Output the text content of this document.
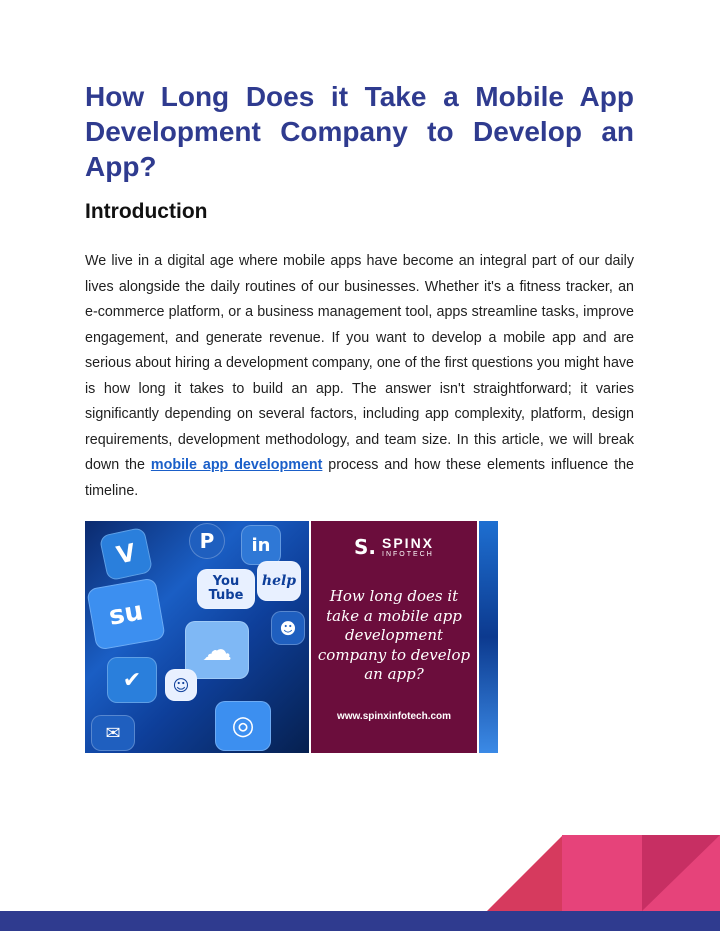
How Long Does it Take a Mobile App Development Company to Develop an App?
Introduction

We live in a digital age where mobile apps have become an integral part of our daily lives alongside the daily routines of our businesses. Whether it's a fitness tracker, an e-commerce platform, or a business management tool, apps streamline tasks, improve engagement, and generate revenue. If you want to develop a mobile app and are serious about hiring a development company, one of the first questions you might have is how long it takes to build an app. The answer isn't straightforward; it varies significantly depending on several factors, including app complexity, platform, design requirements, development methodology, and team size. In this article, we will break down the mobile app development process and how these elements influence the timeline.

V	P	in
su
You Tube
help
☁
✔	☺
☻
◎
✉
S. SPINX
INFOTECH
How long does it take a mobile app development company to develop an app?
www.spinxinfotech.com
